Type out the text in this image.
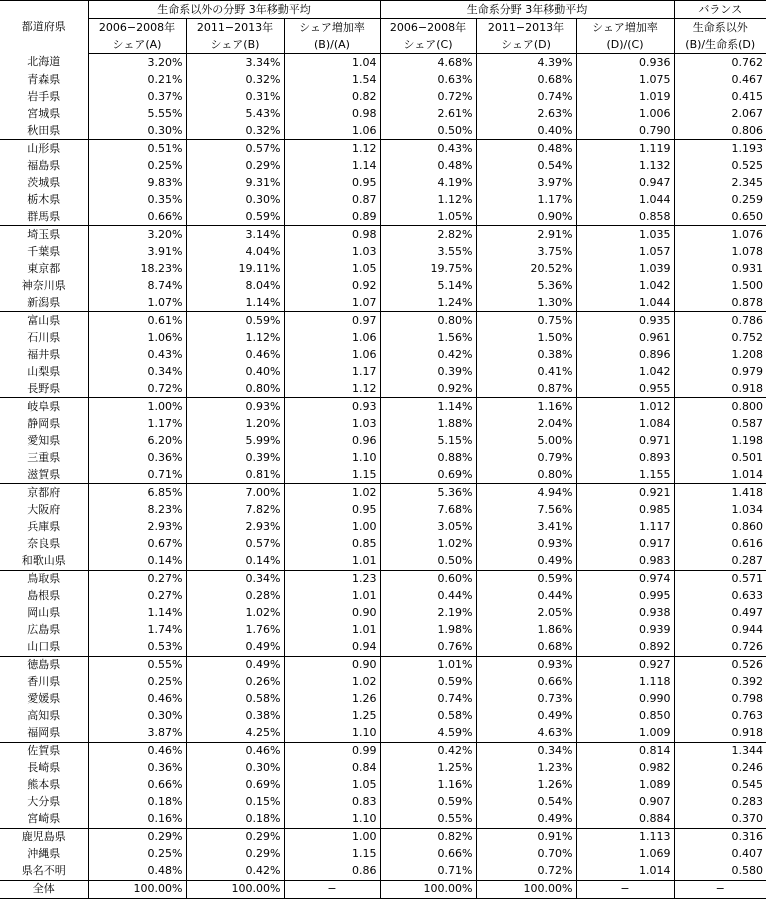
都道府県	生命系以外の分野 3年移動平均			生命系分野 3年移動平均			バランス
	2006−2008年	2011−2013年	シェア増加率	2006−2008年	2011−2013年	シェア増加率	生命系以外
	シェア(A)	シェア(B)	(B)/(A)	シェア(C)	シェア(D)	(D)/(C)	(B)/生命系(D)
北海道	3.20%	3.34%	1.04	4.68%	4.39%	0.936	0.762
青森県	0.21%	0.32%	1.54	0.63%	0.68%	1.075	0.467
岩手県	0.37%	0.31%	0.82	0.72%	0.74%	1.019	0.415
宮城県	5.55%	5.43%	0.98	2.61%	2.63%	1.006	2.067
秋田県	0.30%	0.32%	1.06	0.50%	0.40%	0.790	0.806
山形県	0.51%	0.57%	1.12	0.43%	0.48%	1.119	1.193
福島県	0.25%	0.29%	1.14	0.48%	0.54%	1.132	0.525
茨城県	9.83%	9.31%	0.95	4.19%	3.97%	0.947	2.345
栃木県	0.35%	0.30%	0.87	1.12%	1.17%	1.044	0.259
群馬県	0.66%	0.59%	0.89	1.05%	0.90%	0.858	0.650
埼玉県	3.20%	3.14%	0.98	2.82%	2.91%	1.035	1.076
千葉県	3.91%	4.04%	1.03	3.55%	3.75%	1.057	1.078
東京都	18.23%	19.11%	1.05	19.75%	20.52%	1.039	0.931
神奈川県	8.74%	8.04%	0.92	5.14%	5.36%	1.042	1.500
新潟県	1.07%	1.14%	1.07	1.24%	1.30%	1.044	0.878
富山県	0.61%	0.59%	0.97	0.80%	0.75%	0.935	0.786
石川県	1.06%	1.12%	1.06	1.56%	1.50%	0.961	0.752
福井県	0.43%	0.46%	1.06	0.42%	0.38%	0.896	1.208
山梨県	0.34%	0.40%	1.17	0.39%	0.41%	1.042	0.979
長野県	0.72%	0.80%	1.12	0.92%	0.87%	0.955	0.918
岐阜県	1.00%	0.93%	0.93	1.14%	1.16%	1.012	0.800
静岡県	1.17%	1.20%	1.03	1.88%	2.04%	1.084	0.587
愛知県	6.20%	5.99%	0.96	5.15%	5.00%	0.971	1.198
三重県	0.36%	0.39%	1.10	0.88%	0.79%	0.893	0.501
滋賀県	0.71%	0.81%	1.15	0.69%	0.80%	1.155	1.014
京都府	6.85%	7.00%	1.02	5.36%	4.94%	0.921	1.418
大阪府	8.23%	7.82%	0.95	7.68%	7.56%	0.985	1.034
兵庫県	2.93%	2.93%	1.00	3.05%	3.41%	1.117	0.860
奈良県	0.67%	0.57%	0.85	1.02%	0.93%	0.917	0.616
和歌山県	0.14%	0.14%	1.01	0.50%	0.49%	0.983	0.287
鳥取県	0.27%	0.34%	1.23	0.60%	0.59%	0.974	0.571
島根県	0.27%	0.28%	1.01	0.44%	0.44%	0.995	0.633
岡山県	1.14%	1.02%	0.90	2.19%	2.05%	0.938	0.497
広島県	1.74%	1.76%	1.01	1.98%	1.86%	0.939	0.944
山口県	0.53%	0.49%	0.94	0.76%	0.68%	0.892	0.726
徳島県	0.55%	0.49%	0.90	1.01%	0.93%	0.927	0.526
香川県	0.25%	0.26%	1.02	0.59%	0.66%	1.118	0.392
愛媛県	0.46%	0.58%	1.26	0.74%	0.73%	0.990	0.798
高知県	0.30%	0.38%	1.25	0.58%	0.49%	0.850	0.763
福岡県	3.87%	4.25%	1.10	4.59%	4.63%	1.009	0.918
佐賀県	0.46%	0.46%	0.99	0.42%	0.34%	0.814	1.344
長崎県	0.36%	0.30%	0.84	1.25%	1.23%	0.982	0.246
熊本県	0.66%	0.69%	1.05	1.16%	1.26%	1.089	0.545
大分県	0.18%	0.15%	0.83	0.59%	0.54%	0.907	0.283
宮崎県	0.16%	0.18%	1.10	0.55%	0.49%	0.884	0.370
鹿児島県	0.29%	0.29%	1.00	0.82%	0.91%	1.113	0.316
沖縄県	0.25%	0.29%	1.15	0.66%	0.70%	1.069	0.407
県名不明	0.48%	0.42%	0.86	0.71%	0.72%	1.014	0.580
全体	100.00%	100.00%	−	100.00%	100.00%	−	−
